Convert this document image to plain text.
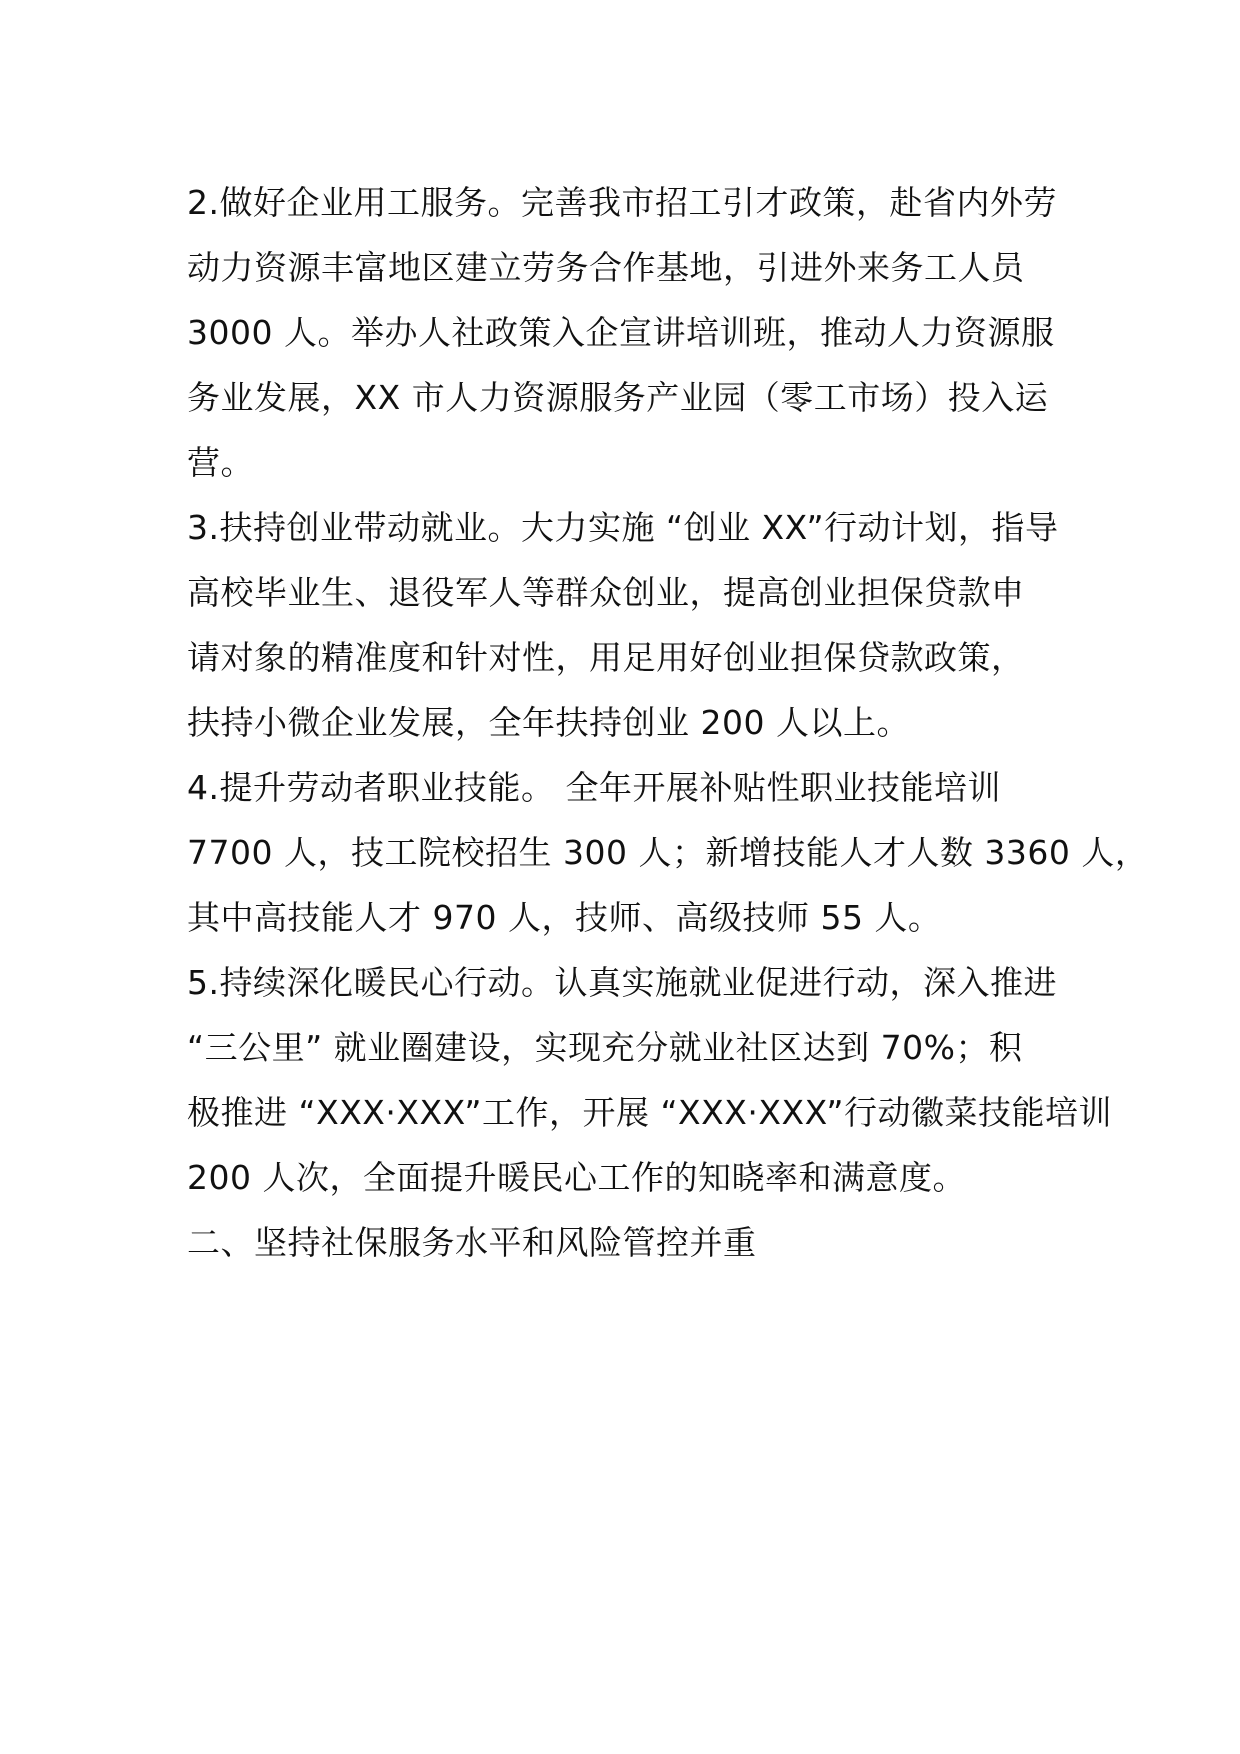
2.做好企业用工服务。完善我市招工引才政策，赴省内外劳
动力资源丰富地区建立劳务合作基地，引进外来务工人员
3000 人。举办人社政策入企宣讲培训班，推动人力资源服
务业发展，XX 市人力资源服务产业园（零工市场）投入运
营。
3.扶持创业带动就业。大力实施 “创业 XX”行动计划，指导
高校毕业生、退役军人等群众创业，提高创业担保贷款申
请对象的精准度和针对性，用足用好创业担保贷款政策，
扶持小微企业发展，全年扶持创业 200 人以上。
4.提升劳动者职业技能。 全年开展补贴性职业技能培训
7700 人，技工院校招生 300 人；新增技能人才人数 3360 人，
其中高技能人才 970 人，技师、高级技师 55 人。
5.持续深化暖民心行动。认真实施就业促进行动，深入推进
“三公里” 就业圈建设，实现充分就业社区达到 70%；积
极推进 “XXX·XXX”工作，开展 “XXX·XXX”行动徽菜技能培训
200 人次，全面提升暖民心工作的知晓率和满意度。
二、坚持社保服务水平和风险管控并重
